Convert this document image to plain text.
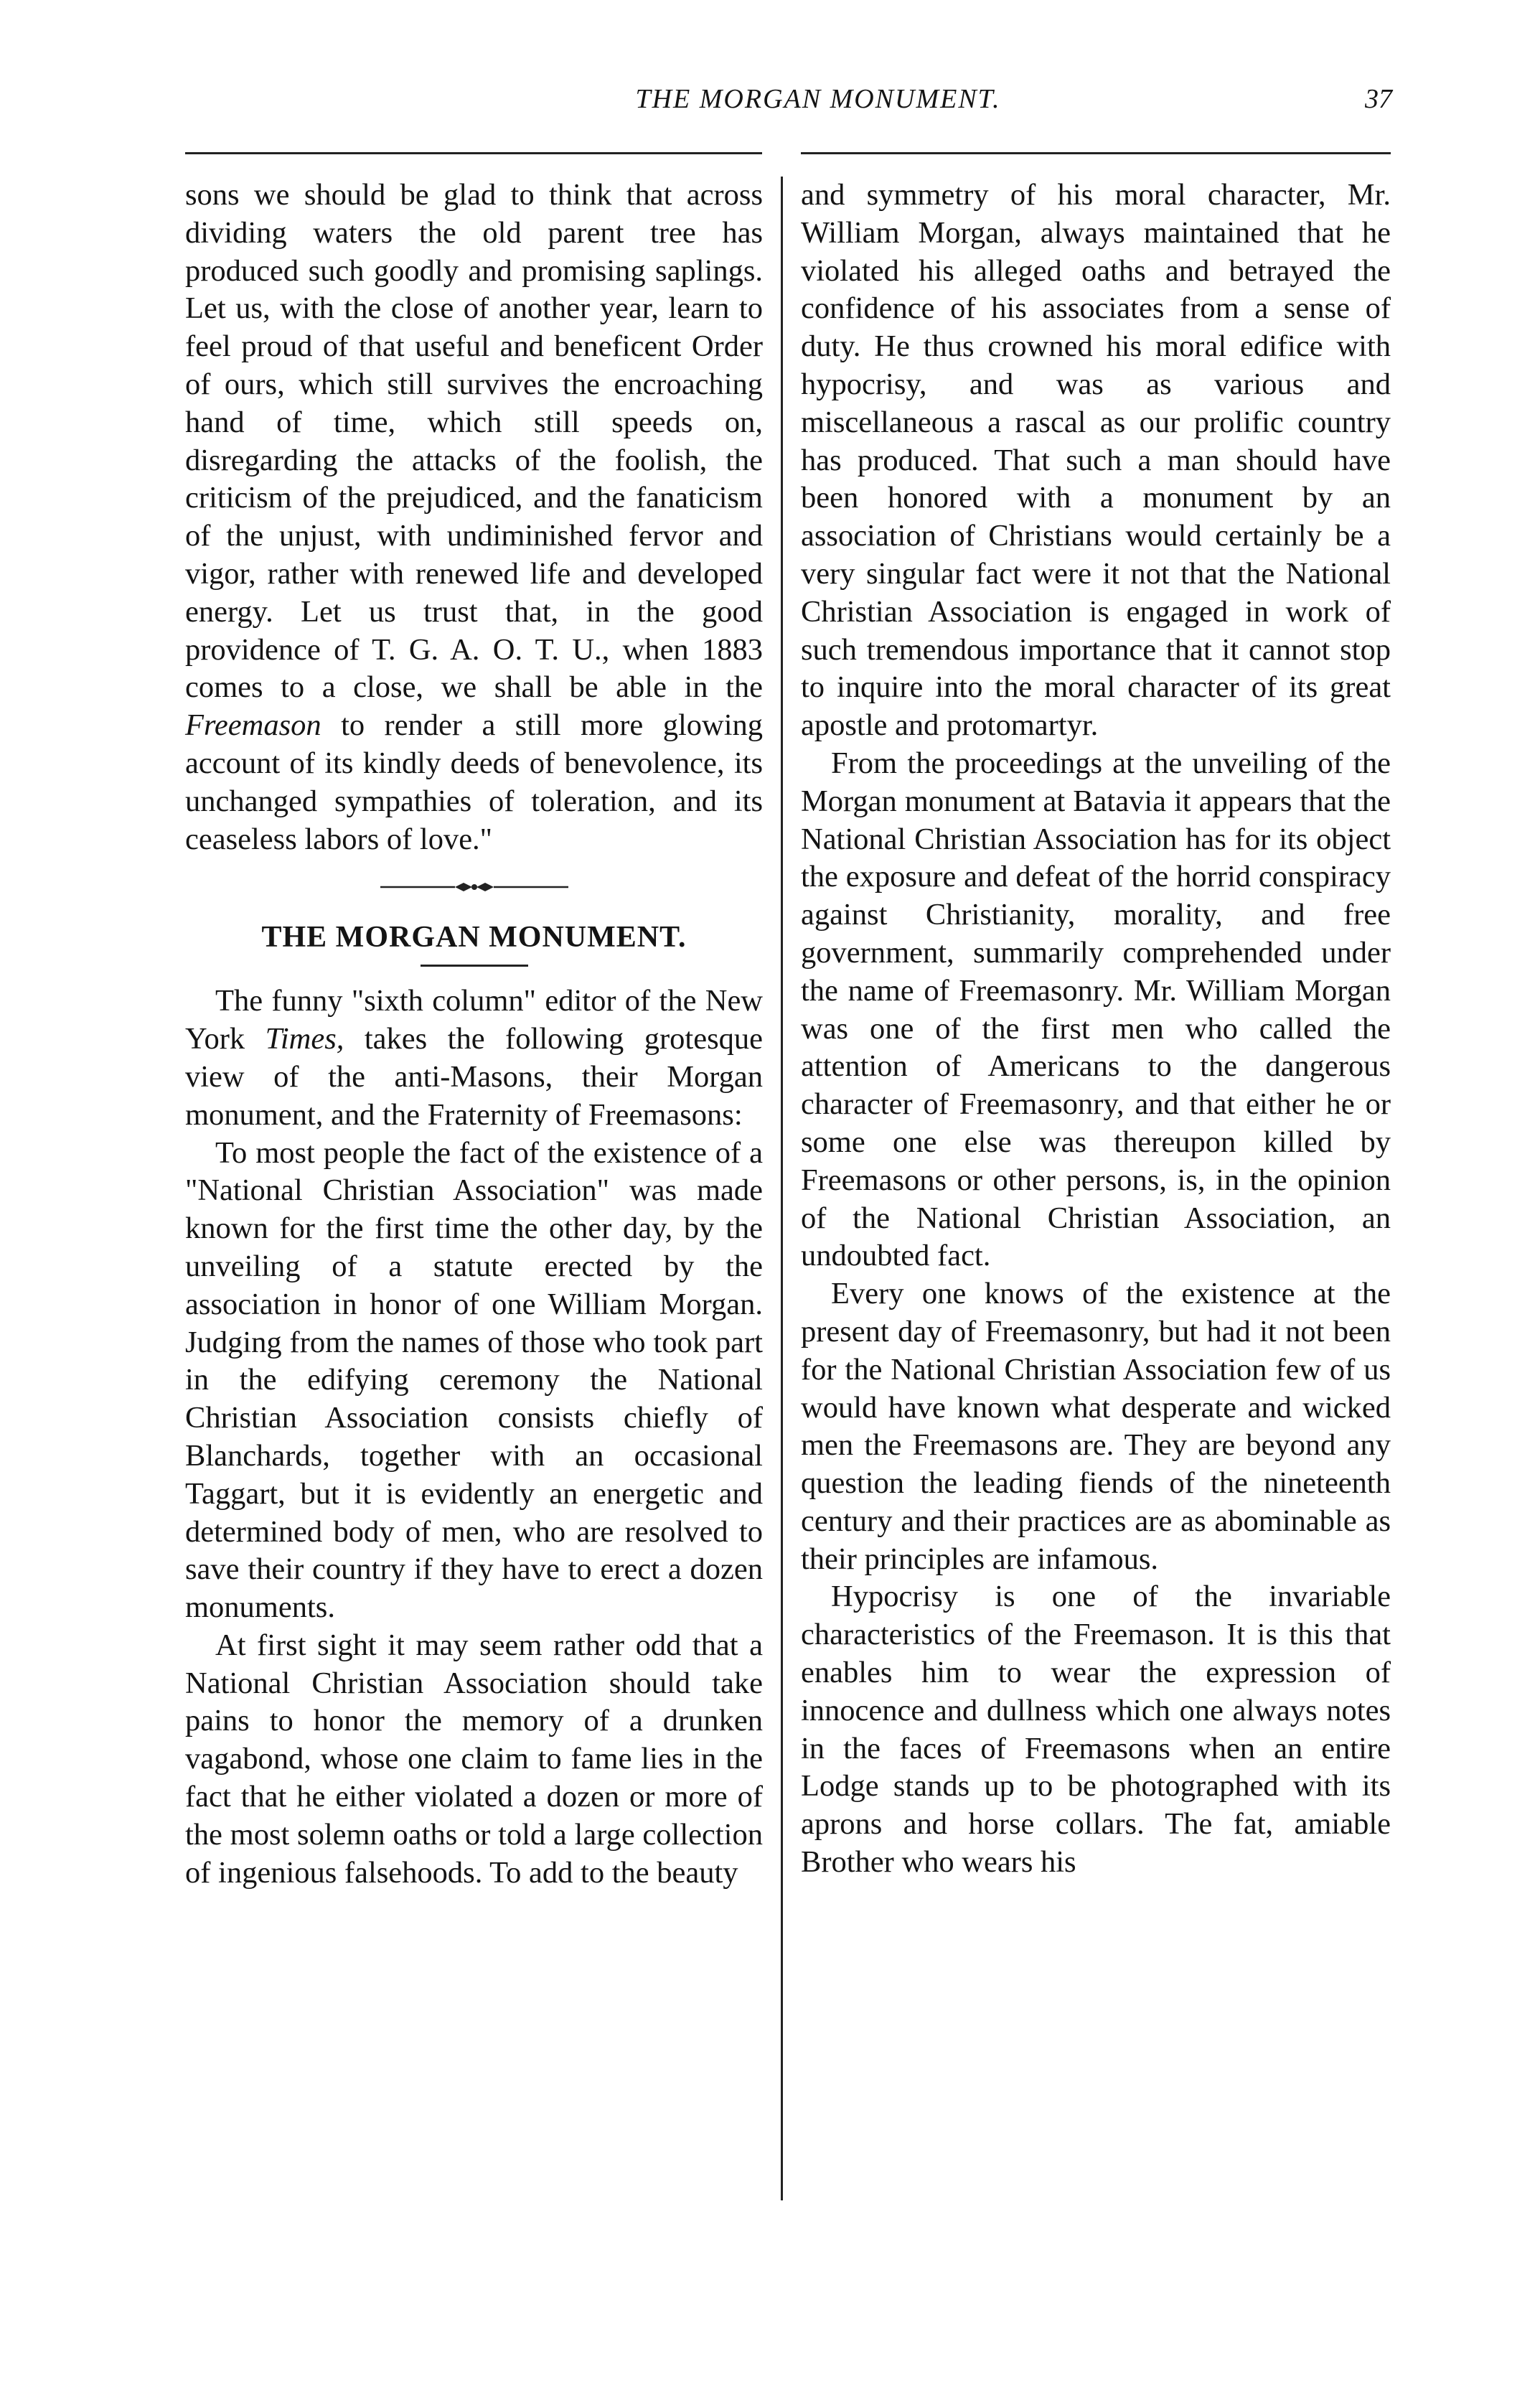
THE MORGAN MONUMENT.	37

sons we should be glad to think that across dividing waters the old parent tree has produced such goodly and promising saplings. Let us, with the close of another year, learn to feel proud of that useful and beneficent Order of ours, which still survives the encroaching hand of time, which still speeds on, disregarding the attacks of the foolish, the criticism of the prejudiced, and the fanaticism of the unjust, with undiminished fervor and vigor, rather with renewed life and developed energy. Let us trust that, in the good providence of T. G. A. O. T. U., when 1883 comes to a close, we shall be able in the Freemason to render a still more glowing account of its kindly deeds of benevolence, its unchanged sympathies of toleration, and its ceaseless labors of love."

THE MORGAN MONUMENT.

The funny "sixth column" editor of the New York Times, takes the following grotesque view of the anti-Masons, their Morgan monument, and the Fraternity of Freemasons:

To most people the fact of the existence of a "National Christian Association" was made known for the first time the other day, by the unveiling of a statute erected by the association in honor of one William Morgan. Judging from the names of those who took part in the edifying ceremony the National Christian Association consists chiefly of Blanchards, together with an occasional Taggart, but it is evidently an energetic and determined body of men, who are resolved to save their country if they have to erect a dozen monuments.

At first sight it may seem rather odd that a National Christian Association should take pains to honor the memory of a drunken vagabond, whose one claim to fame lies in the fact that he either violated a dozen or more of the most solemn oaths or told a large collection of ingenious falsehoods. To add to the beauty

and symmetry of his moral character, Mr. William Morgan, always maintained that he violated his alleged oaths and betrayed the confidence of his associates from a sense of duty. He thus crowned his moral edifice with hypocrisy, and was as various and miscellaneous a rascal as our prolific country has produced. That such a man should have been honored with a monument by an association of Christians would certainly be a very singular fact were it not that the National Christian Association is engaged in work of such tremendous importance that it cannot stop to inquire into the moral character of its great apostle and protomartyr.

From the proceedings at the unveiling of the Morgan monument at Batavia it appears that the National Christian Association has for its object the exposure and defeat of the horrid conspiracy against Christianity, morality, and free government, summarily comprehended under the name of Freemasonry. Mr. William Morgan was one of the first men who called the attention of Americans to the dangerous character of Freemasonry, and that either he or some one else was thereupon killed by Freemasons or other persons, is, in the opinion of the National Christian Association, an undoubted fact.

Every one knows of the existence at the present day of Freemasonry, but had it not been for the National Christian Association few of us would have known what desperate and wicked men the Freemasons are. They are beyond any question the leading fiends of the nineteenth century and their practices are as abominable as their principles are infamous.

Hypocrisy is one of the invariable characteristics of the Freemason. It is this that enables him to wear the expression of innocence and dullness which one always notes in the faces of Freemasons when an entire Lodge stands up to be photographed with its aprons and horse collars. The fat, amiable Brother who wears his
